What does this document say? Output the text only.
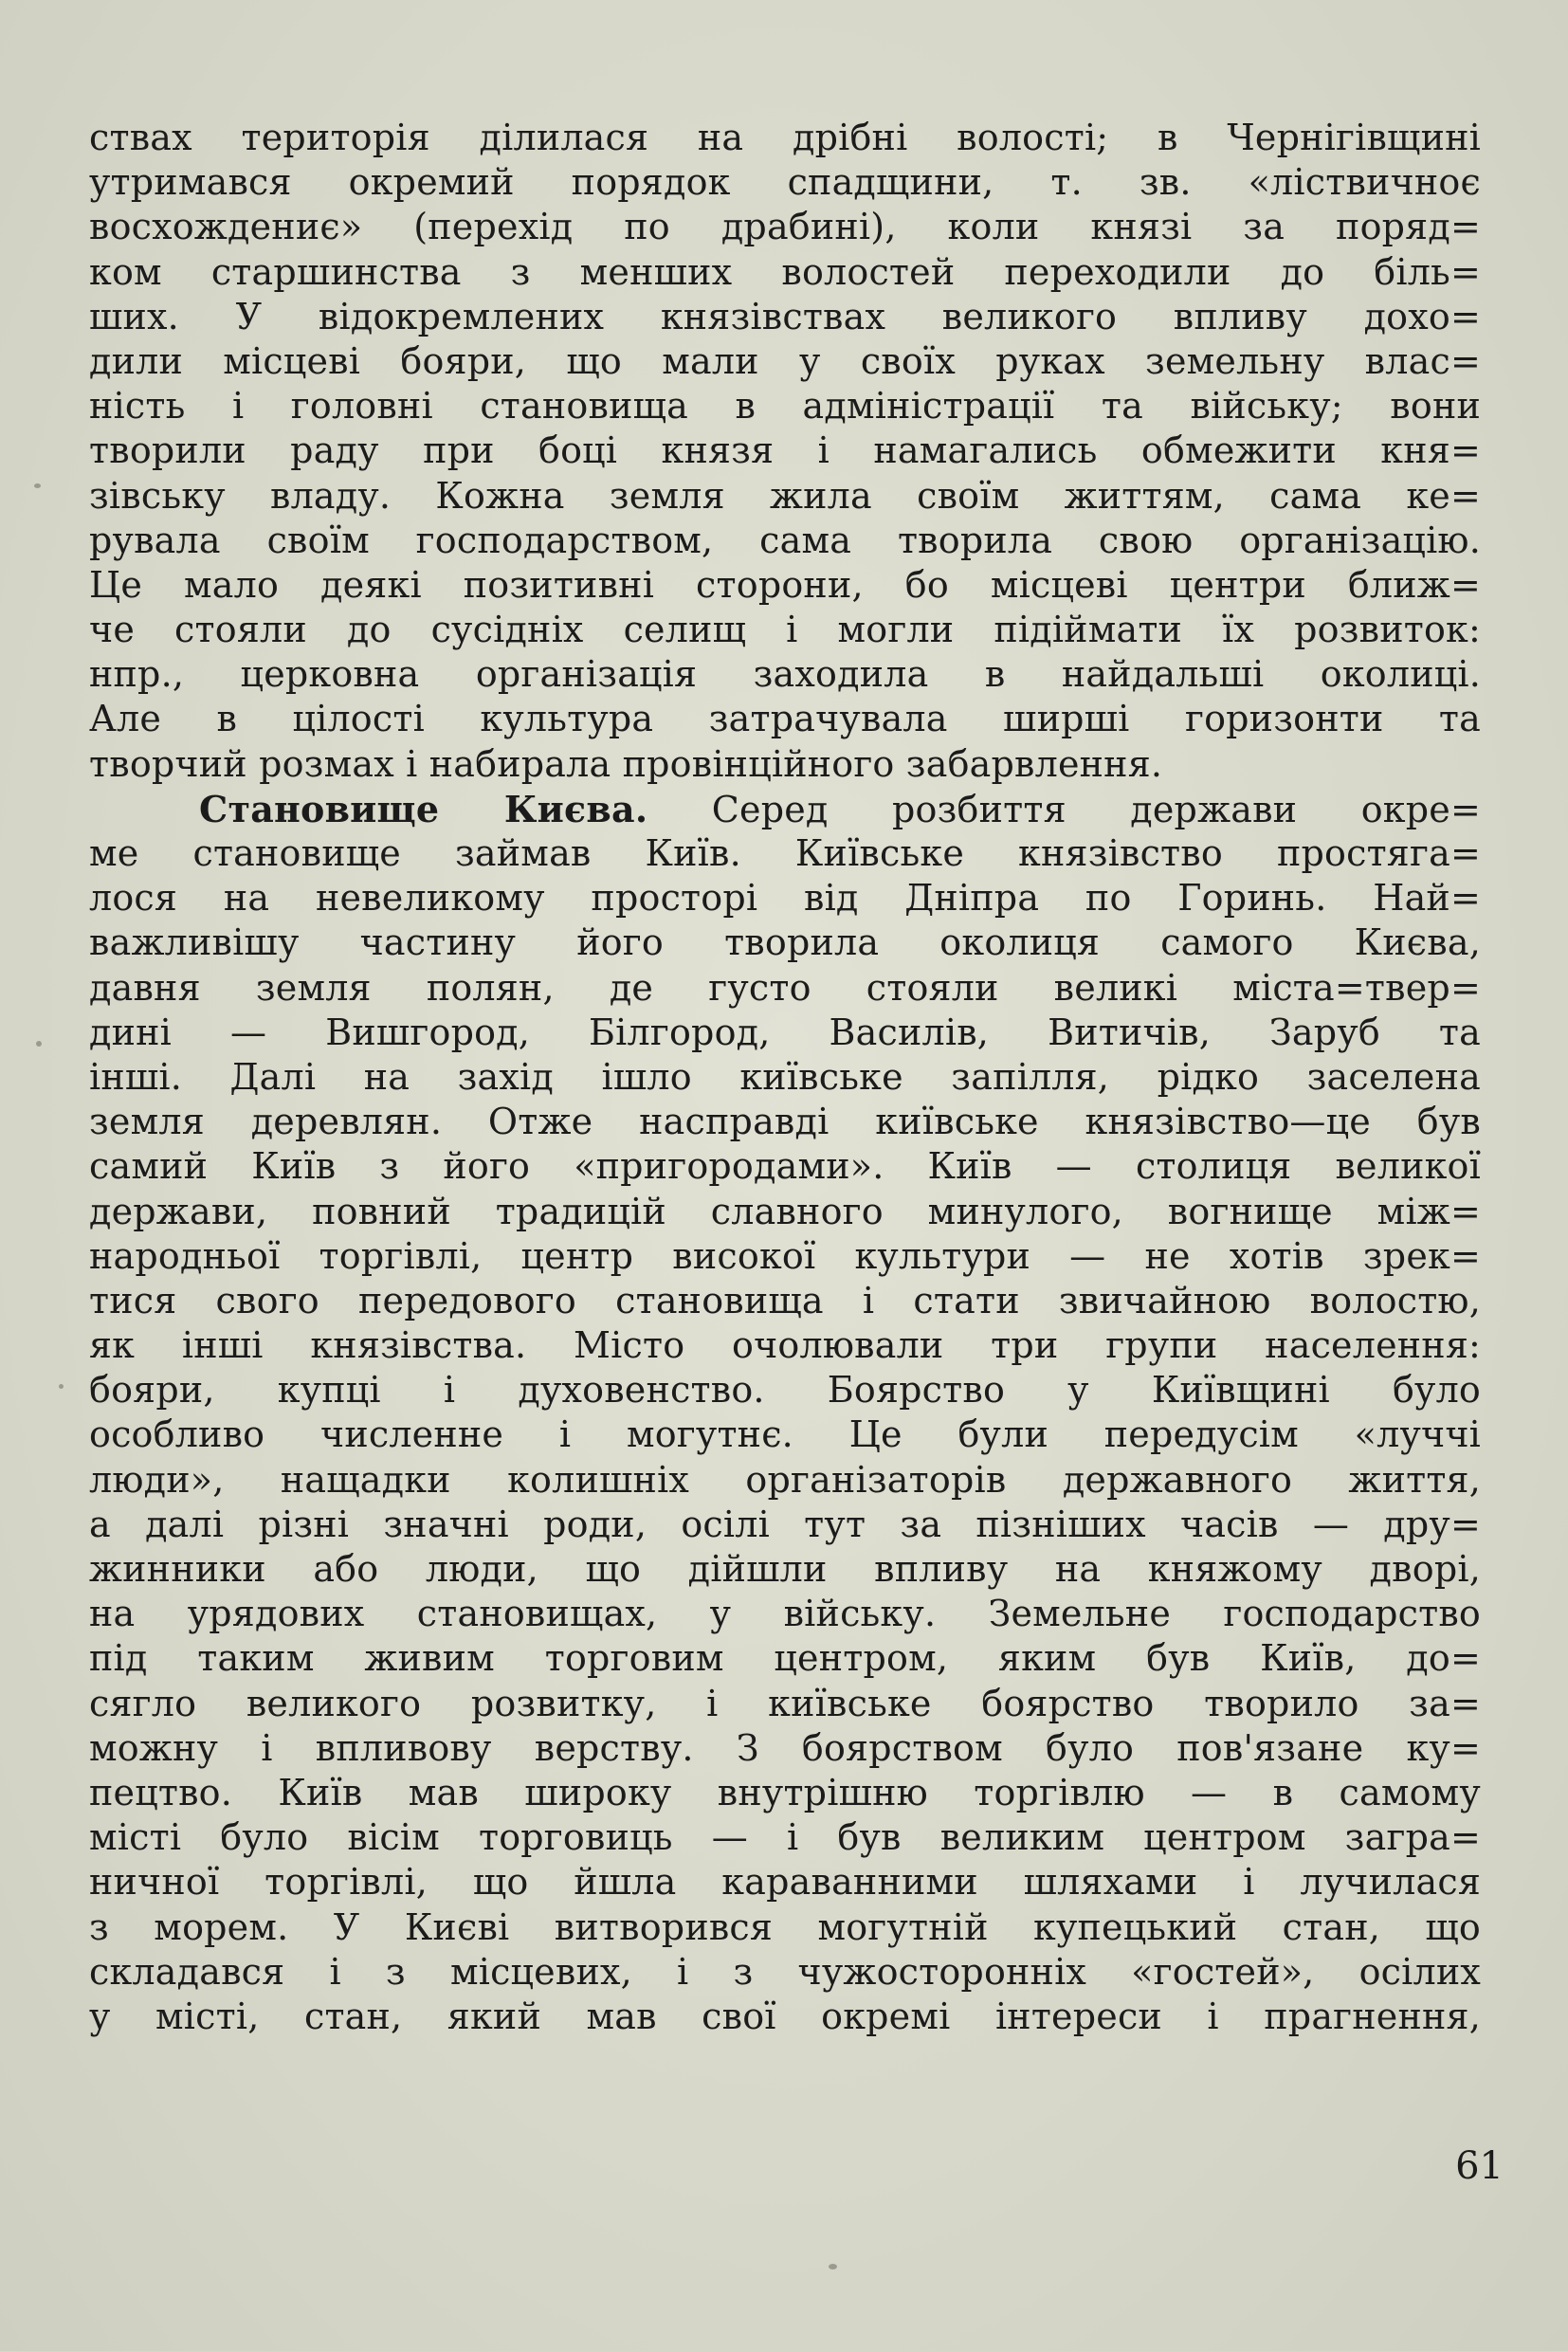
ствах територія ділилася на дрібні волості; в Чернігівщині
утримався окремий порядок спадщини, т. зв. «ліствичноє
восхождениє» (перехід по драбині), коли князі за поряд=
ком старшинства з менших волостей переходили до біль=
ших. У відокремлених князівствах великого впливу дохо=
дили місцеві бояри, що мали у своїх руках земельну влас=
ність і головні становища в адміністрації та війську; вони
творили раду при боці князя і намагались обмежити кня=
зівську владу. Кожна земля жила своїм життям, сама ке=
рувала своїм господарством, сама творила свою організацію.
Це мало деякі позитивні сторони, бо місцеві центри ближ=
че стояли до сусідніх селищ і могли підіймати їх розвиток:
нпр., церковна організація заходила в найдальші околиці.
Але в цілості культура затрачувала ширші горизонти та
творчий розмах і набирала провінційного забарвлення.
Становище Києва. Серед розбиття держави окре=
ме становище займав Київ. Київське князівство простяга=
лося на невеликому просторі від Дніпра по Горинь. Най=
важливішу частину його творила околиця самого Києва,
давня земля полян, де густо стояли великі міста=твер=
дині — Вишгород, Білгород, Василів, Витичів, Заруб та
інші. Далі на захід ішло київське запілля, рідко заселена
земля деревлян. Отже насправді київське князівство—це був
самий Київ з його «пригородами». Київ — столиця великої
держави, повний традицій славного минулого, вогнище між=
народньої торгівлі, центр високої культури — не хотів зрек=
тися свого передового становища і стати звичайною волостю,
як інші князівства. Місто очолювали три групи населення:
бояри, купці і духовенство. Боярство у Київщині було
особливо численне і могутнє. Це були передусім «луччі
люди», нащадки колишніх організаторів державного життя,
а далі різні значні роди, осілі тут за пізніших часів — дру=
жинники або люди, що дійшли впливу на княжому дворі,
на урядових становищах, у війську. Земельне господарство
під таким живим торговим центром, яким був Київ, до=
сягло великого розвитку, і київське боярство творило за=
можну і впливову верству. З боярством було пов'язане ку=
пецтво. Київ мав широку внутрішню торгівлю — в самому
місті було вісім торговиць — і був великим центром загра=
ничної торгівлі, що йшла караванними шляхами і лучилася
з морем. У Києві витворився могутній купецький стан, що
складався і з місцевих, і з чужосторонніх «гостей», осілих
у місті, стан, який мав свої окремі інтереси і прагнення,
61
